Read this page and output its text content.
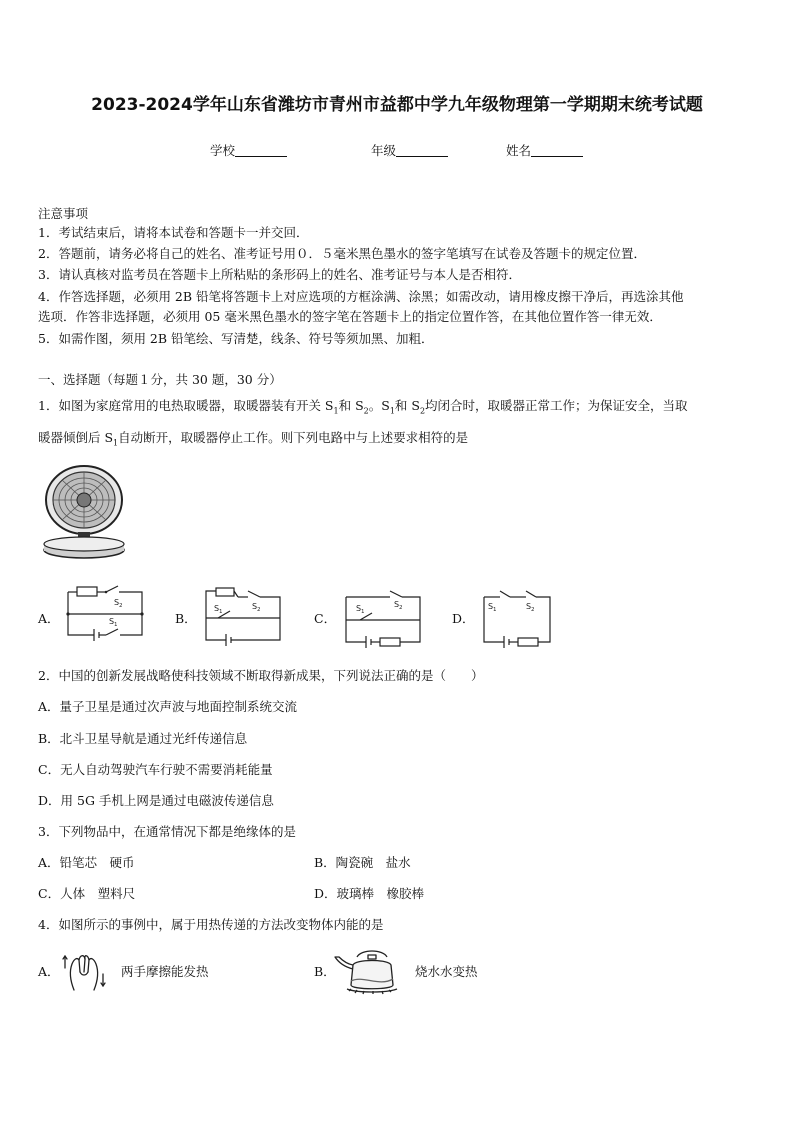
2023-2024学年山东省潍坊市青州市益都中学九年级物理第一学期期末统考试题
学校	年级	姓名
注意事项
1．考试结束后，请将本试卷和答题卡一并交回．
2．答题前，请务必将自己的姓名、准考证号用０．５毫米黑色墨水的签字笔填写在试卷及答题卡的规定位置．
3．请认真核对监考员在答题卡上所粘贴的条形码上的姓名、准考证号与本人是否相符．
4．作答选择题，必须用 2B 铅笔将答题卡上对应选项的方框涂满、涂黑；如需改动，请用橡皮擦干净后，再选涂其他
选项．作答非选择题，必须用 05 毫米黑色墨水的签字笔在答题卡上的指定位置作答，在其他位置作答一律无效．
5．如需作图，须用 2B 铅笔绘、写清楚，线条、符号等须加黑、加粗．
一、选择题（每题１分，共 30 题，30 分）
1．如图为家庭常用的电热取暖器，取暖器装有开关 $S_1$和 $S_2$。$S_1$和 $S_2$均闭合时，取暖器正常工作；为保证安全，当取
暖器倾倒后 $S_1$自动断开，取暖器停止工作。则下列电路中与上述要求相符的是
A．
S 2
S 1	B．
S 1
S 2
C．
S 1
S 2
D．
S 1	S 2
2．中国的创新发展战略使科技领域不断取得新成果，下列说法正确的是（　　）
A．量子卫星是通过次声波与地面控制系统交流
B．北斗卫星导航是通过光纤传递信息
C．无人自动驾驶汽车行驶不需要消耗能量
D．用 5G 手机上网是通过电磁波传递信息
3．下列物品中，在通常情况下都是绝缘体的是
A．铅笔芯　硬币	B．陶瓷碗　盐水
C．人体　塑料尺	D．玻璃棒　橡胶棒
4．如图所示的事例中，属于用热传递的方法改变物体内能的是
A．	两手摩擦能发热	B．	烧水水变热
